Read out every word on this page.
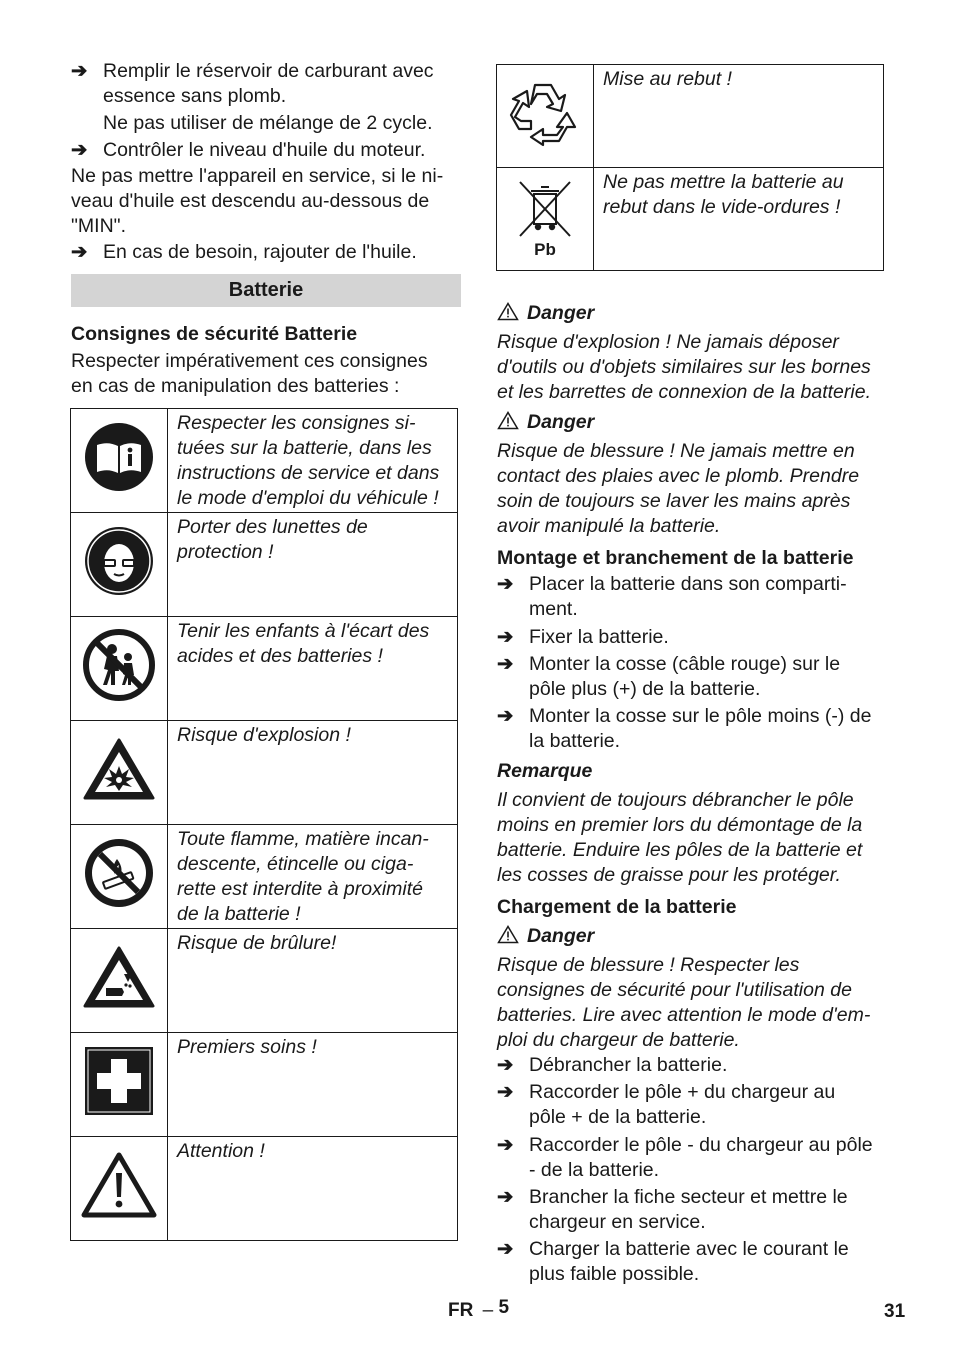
➔ Remplir le réservoir de carburant avec
essence sans plomb.
Ne pas utiliser de mélange de 2 cycle.
➔ Contrôler le niveau d'huile du moteur.
Ne pas mettre l'appareil en service, si le ni-
veau d'huile est descendu au-dessous de
"MIN".
➔ En cas de besoin, rajouter de l'huile.
Batterie
Consignes de sécurité Batterie
Respecter impérativement ces consignes
en cas de manipulation des batteries :

Respecter les consignes si-
tuées sur la batterie, dans les
instructions de service et dans
le mode d'emploi du véhicule !

Porter des lunettes de
protection !

Tenir les enfants à l'écart des
acides et des batteries !

Risque d'explosion !

Toute flamme, matière incan-
descente, étincelle ou ciga-
rette est interdite à proximité
de la batterie !

Risque de brûlure!

Premiers soins !

Attention !

Mise au rebut !

Pb	Ne pas mettre la batterie au
rebut dans le vide-ordures !
Danger
Risque d'explosion ! Ne jamais déposer
d'outils ou d'objets similaires sur les bornes
et les barrettes de connexion de la batterie.
Danger
Risque de blessure ! Ne jamais mettre en
contact des plaies avec le plomb. Prendre
soin de toujours se laver les mains après
avoir manipulé la batterie.
Montage et branchement de la batterie
➔ Placer la batterie dans son comparti-
ment.
➔ Fixer la batterie.
➔ Monter la cosse (câble rouge) sur le
pôle plus (+) de la batterie.
➔ Monter la cosse sur le pôle moins (-) de
la batterie.
Remarque
Il convient de toujours débrancher le pôle
moins en premier lors du démontage de la
batterie. Enduire les pôles de la batterie et
les cosses de graisse pour les protéger.
Chargement de la batterie
Danger
Risque de blessure ! Respecter les
consignes de sécurité pour l'utilisation de
batteries. Lire avec attention le mode d'em-
ploi du chargeur de batterie.
➔ Débrancher la batterie.
➔ Raccorder le pôle + du chargeur au
pôle + de la batterie.
➔ Raccorder le pôle - du chargeur au pôle
- de la batterie.
➔ Brancher la fiche secteur et mettre le
chargeur en service.
➔ Charger la batterie avec le courant le
plus faible possible.
FR – 5	31
